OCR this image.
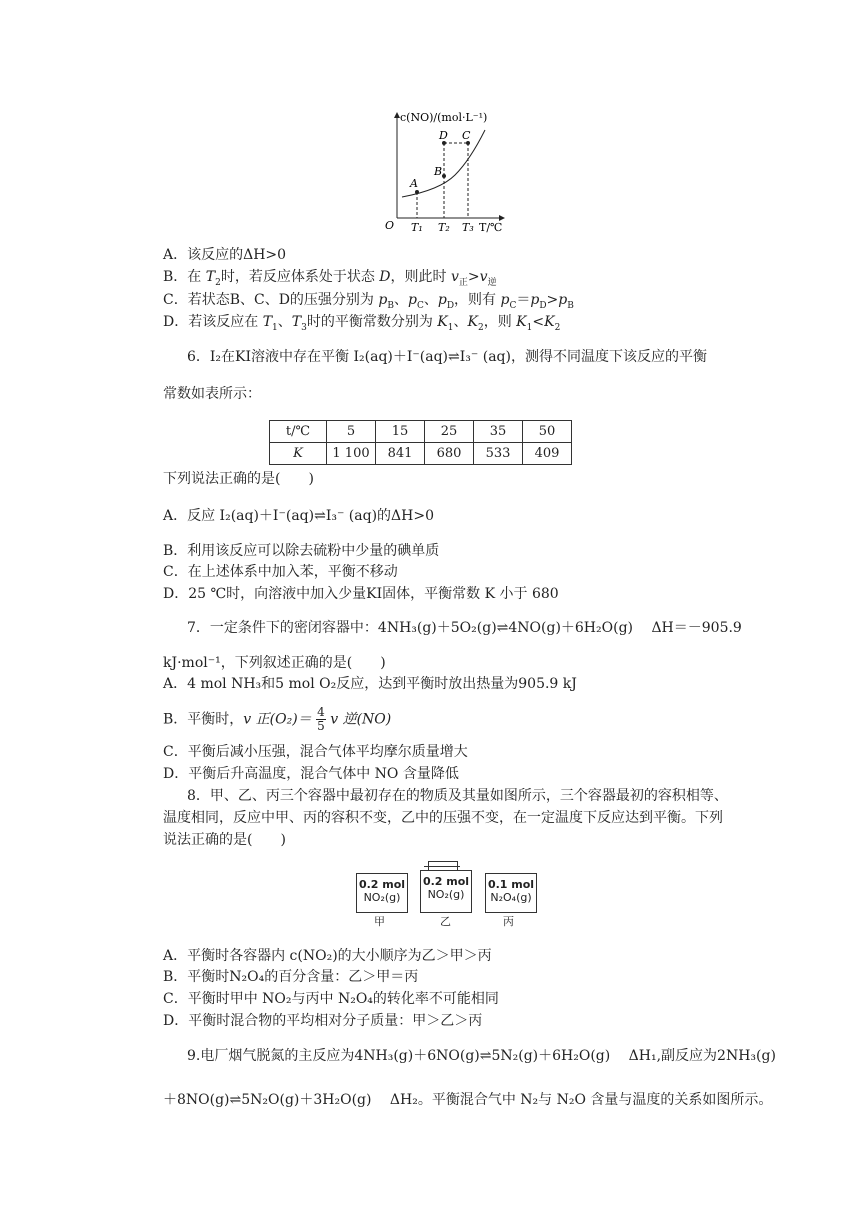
A
B
D C
c(NO)/(mol·L⁻¹)
O T₁ T₂ T₃ T/℃
A．该反应的ΔH>0
B．在 $T_2$时，若反应体系处于状态 D，则此时 $v_正>v_逆$
C．若状态B、C、D的压强分别为 $p_B$、$p_C$、$p_D$，则有 $p_C=p_D>p_B$
D．若该反应在 $T_1$、$T_3$时的平衡常数分别为 $K_1$、$K_2$，则 $K_1<K_2$
6．I₂在KI溶液中存在平衡 I₂(aq)＋I⁻(aq)⇌I₃⁻ (aq)，测得不同温度下该反应的平衡
常数如表所示：
t/℃	5	15	25	35	50
K	1 100	841	680	533	409
下列说法正确的是(　　)
A．反应 I₂(aq)＋I⁻(aq)⇌I₃⁻ (aq)的ΔH>0
B．利用该反应可以除去硫粉中少量的碘单质
C．在上述体系中加入苯，平衡不移动
D．25 ℃时，向溶液中加入少量KI固体，平衡常数 K 小于 680
7．一定条件下的密闭容器中：4NH₃(g)＋5O₂(g)⇌4NO(g)＋6H₂O(g)　 ΔH＝－905.9
kJ·mol⁻¹，下列叙述正确的是(　　)
A．4 mol NH₃和5 mol O₂反应，达到平衡时放出热量为905.9 kJ
B．平衡时，v 正$(O_2)= \frac{4}{5}$ v 逆(NO)
C．平衡后减小压强，混合气体平均摩尔质量增大
D．平衡后升高温度，混合气体中 NO 含量降低
8．甲、乙、丙三个容器中最初存在的物质及其量如图所示，三个容器最初的容积相等、
温度相同，反应中甲、丙的容积不变，乙中的压强不变，在一定温度下反应达到平衡。下列
说法正确的是(　　)
0.2 mol
NO₂(g)
甲
0.2 mol
NO₂(g)
乙
0.1 mol
N₂O₄(g)
丙
A．平衡时各容器内 c(NO₂)的大小顺序为乙＞甲＞丙
B．平衡时N₂O₄的百分含量：乙＞甲＝丙
C．平衡时甲中 NO₂与丙中 N₂O₄的转化率不可能相同
D．平衡时混合物的平均相对分子质量：甲＞乙＞丙
9.电厂烟气脱氮的主反应为4NH₃(g)＋6NO(g)⇌5N₂(g)＋6H₂O(g)　 ΔH₁,副反应为2NH₃(g)
＋8NO(g)⇌5N₂O(g)＋3H₂O(g)　 ΔH₂。平衡混合气中 N₂与 N₂O 含量与温度的关系如图所示。
